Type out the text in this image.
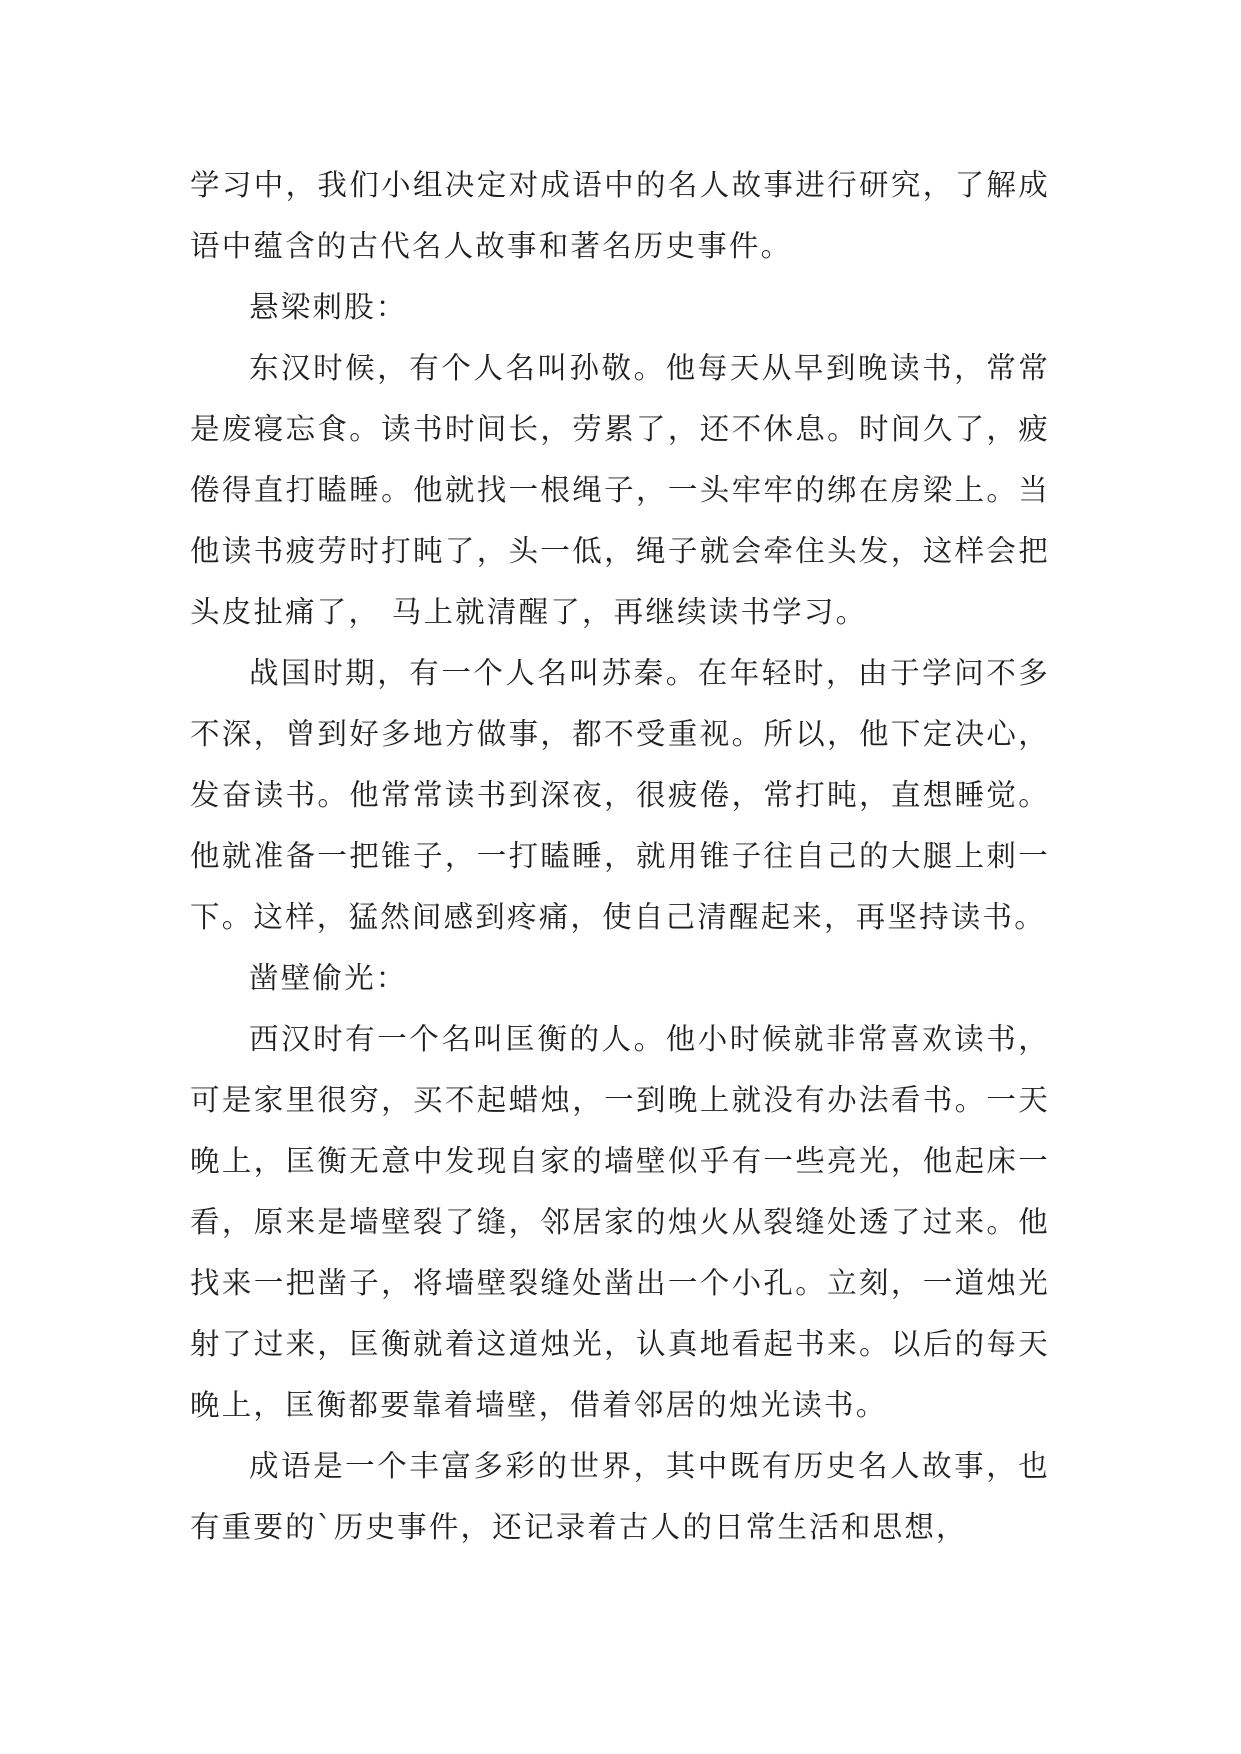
学习中，我们小组决定对成语中的名人故事进行研究，了解成语中蕴含的古代名人故事和著名历史事件。

悬梁刺股：

东汉时候，有个人名叫孙敬。他每天从早到晚读书，常常是废寝忘食。读书时间长，劳累了，还不休息。时间久了，疲倦得直打瞌睡。他就找一根绳子，一头牢牢的绑在房梁上。当他读书疲劳时打盹了，头一低，绳子就会牵住头发，这样会把头皮扯痛了， 马上就清醒了，再继续读书学习。

战国时期，有一个人名叫苏秦。在年轻时，由于学问不多不深，曾到好多地方做事，都不受重视。所以，他下定决心，发奋读书。他常常读书到深夜，很疲倦，常打盹，直想睡觉。他就准备一把锥子，一打瞌睡，就用锥子往自己的大腿上刺一下。这样，猛然间感到疼痛，使自己清醒起来，再坚持读书。

凿壁偷光：

西汉时有一个名叫匡衡的人。他小时候就非常喜欢读书，可是家里很穷，买不起蜡烛，一到晚上就没有办法看书。一天晚上，匡衡无意中发现自家的墙壁似乎有一些亮光，他起床一看，原来是墙壁裂了缝，邻居家的烛火从裂缝处透了过来。他找来一把凿子，将墙壁裂缝处凿出一个小孔。立刻，一道烛光射了过来，匡衡就着这道烛光，认真地看起书来。以后的每天晚上，匡衡都要靠着墙壁，借着邻居的烛光读书。

成语是一个丰富多彩的世界，其中既有历史名人故事，也有重要的`历史事件，还记录着古人的日常生活和思想，
